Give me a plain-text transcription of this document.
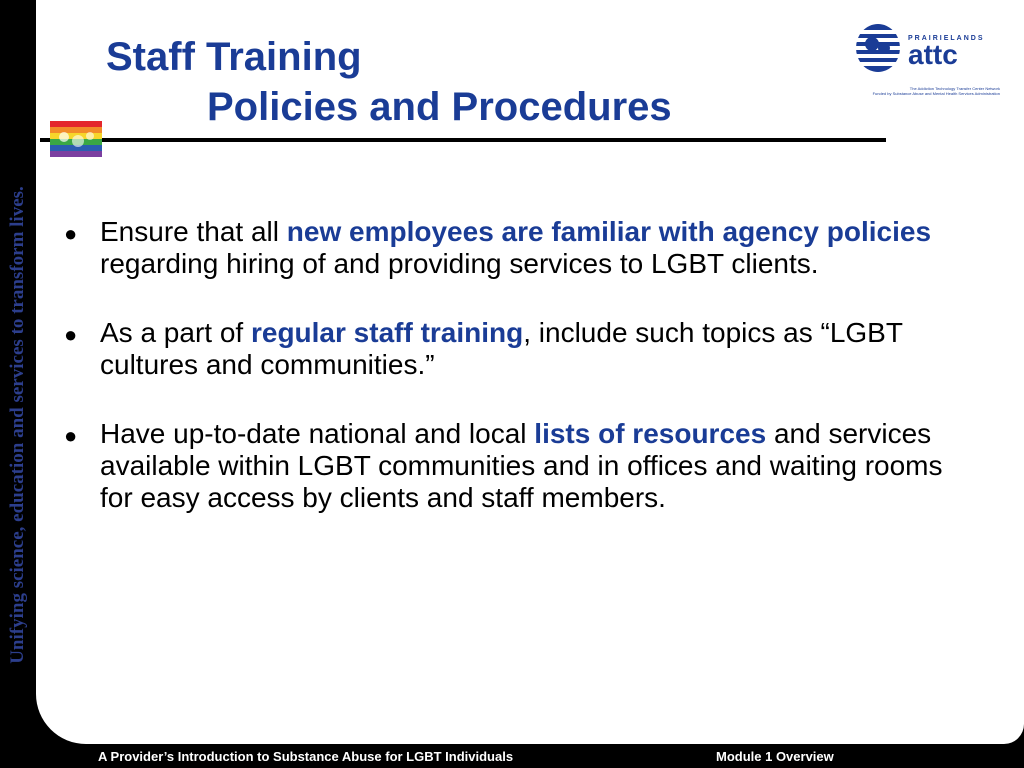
Unifying science, education and services to transform lives.
Staff Training
Policies and Procedures
PRAIRIELANDS
attc
The Addiction Technology Transfer Center Network
Funded by Substance Abuse and Mental Health Services Administration
● Ensure that all new employees are familiar with agency policies regarding hiring of and providing services to LGBT clients.
● As a part of regular staff training, include such topics as “LGBT cultures and communities.”
● Have up-to-date national and local lists of resources and services available within LGBT communities and in offices and waiting rooms for easy access by clients and staff members.
A Provider’s Introduction to Substance Abuse for LGBT Individuals	Module 1 Overview
